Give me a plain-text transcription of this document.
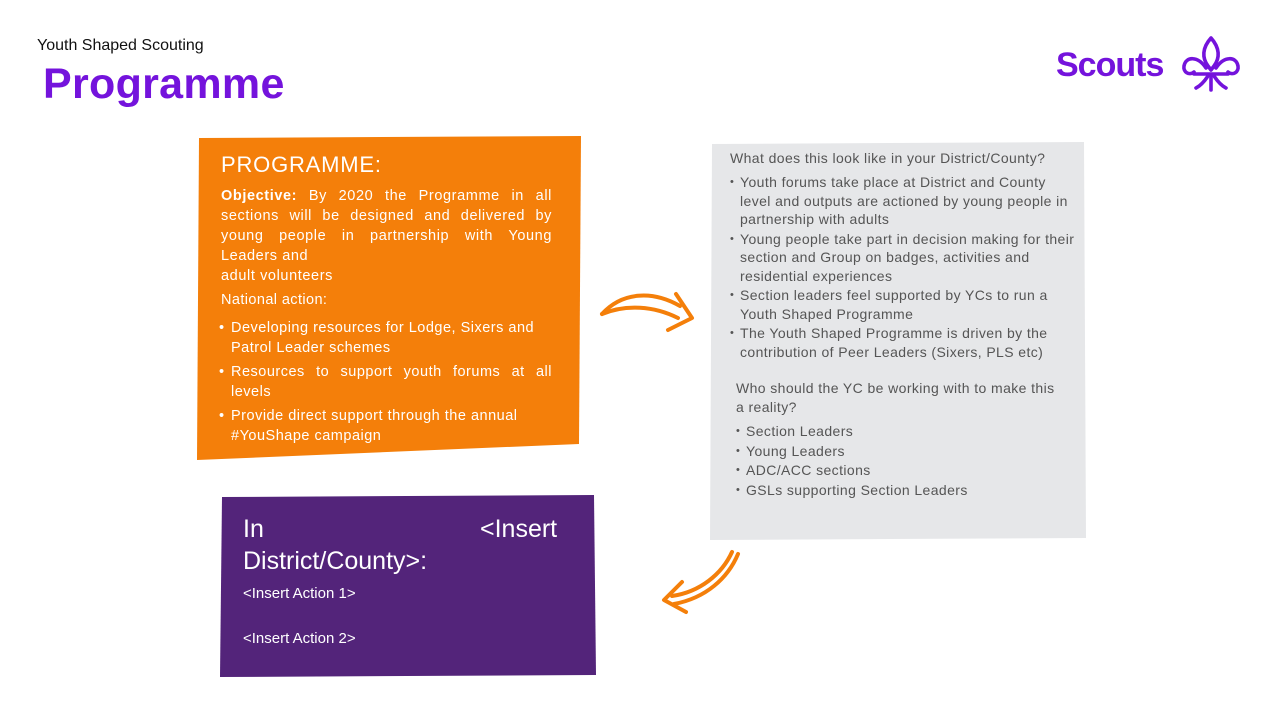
Youth Shaped Scouting
Programme	Scouts
PROGRAMME:
Objective: By 2020 the Programme in all sections will be designed and delivered by young people in partnership with Young Leaders and
adult volunteers
National action:
• Developing resources for Lodge, Sixers and Patrol Leader schemes
• Resources to support youth forums at all levels
• Provide direct support through the annual #YouShape campaign
What does this look like in your District/County?
• Youth forums take place at District and County level and outputs are actioned by young people in partnership with adults
• Young people take part in decision making for their section and Group on badges, activities and residential experiences
• Section leaders feel supported by YCs to run a Youth Shaped Programme
• The Youth Shaped Programme is driven by the contribution of Peer Leaders (Sixers, PLS etc)
Who should the YC be working with to make this a reality?
• Section Leaders
• Young Leaders
• ADC/ACC sections
• GSLs supporting Section Leaders
In	<Insert
District/County>:
<Insert Action 1>
<Insert Action 2>
